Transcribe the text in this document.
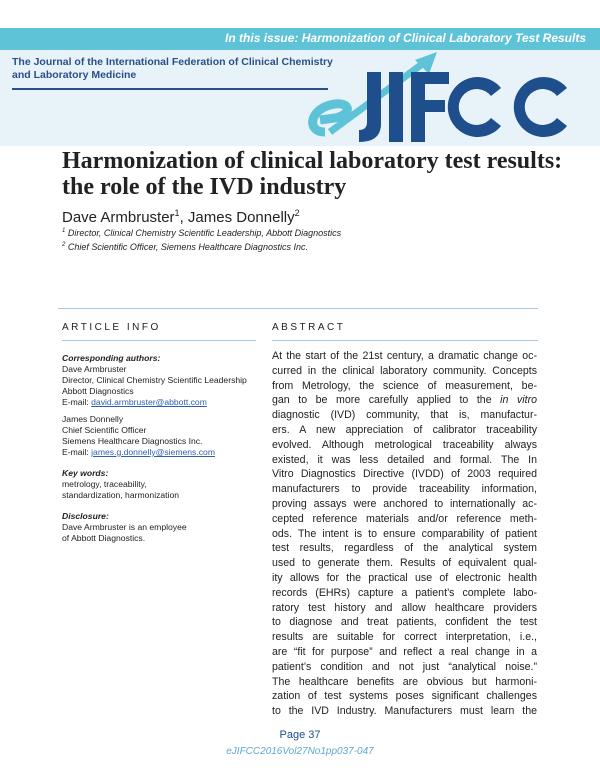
In this issue: Harmonization of Clinical Laboratory Test Results
The Journal of the International Federation of Clinical Chemistry
and Laboratory Medicine
Harmonization of clinical laboratory test results:
the role of the IVD industry
Dave Armbruster$^1$, James Donnelly$^2$
$^1$ Director, Clinical Chemistry Scientific Leadership, Abbott Diagnostics
$^2$ Chief Scientific Officer, Siemens Healthcare Diagnostics Inc.
ARTICLE INFO	ABSTRACT
Corresponding authors:
Dave Armbruster
Director, Clinical Chemistry Scientific Leadership
Abbott Diagnostics
E-mail: david.armbruster@abbott.com
James Donnelly
Chief Scientific Officer
Siemens Healthcare Diagnostics Inc.
E-mail: james.g.donnelly@siemens.com
Key words:
metrology, traceability,
standardization, harmonization
Disclosure:
Dave Armbruster is an employee
of Abbott Diagnostics.
At the start of the 21st century, a dramatic change oc-
curred in the clinical laboratory community. Concepts
from Metrology, the science of measurement, be-
gan to be more carefully applied to the in vitro
diagnostic (IVD) community, that is, manufactur-
ers. A new appreciation of calibrator traceability
evolved. Although metrological traceability always
existed, it was less detailed and formal. The In
Vitro Diagnostics Directive (IVDD) of 2003 required
manufacturers to provide traceability information,
proving assays were anchored to internationally ac-
cepted reference materials and/or reference meth-
ods. The intent is to ensure comparability of patient
test results, regardless of the analytical system
used to generate them. Results of equivalent qual-
ity allows for the practical use of electronic health
records (EHRs) capture a patient’s complete labo-
ratory test history and allow healthcare providers
to diagnose and treat patients, confident the test
results are suitable for correct interpretation, i.e.,
are “fit for purpose” and reflect a real change in a
patient’s condition and not just “analytical noise.”
The healthcare benefits are obvious but harmoni-
zation of test systems poses significant challenges
to the IVD Industry. Manufacturers must learn the
Page 37
eJIFCC2016Vol27No1pp037-047
